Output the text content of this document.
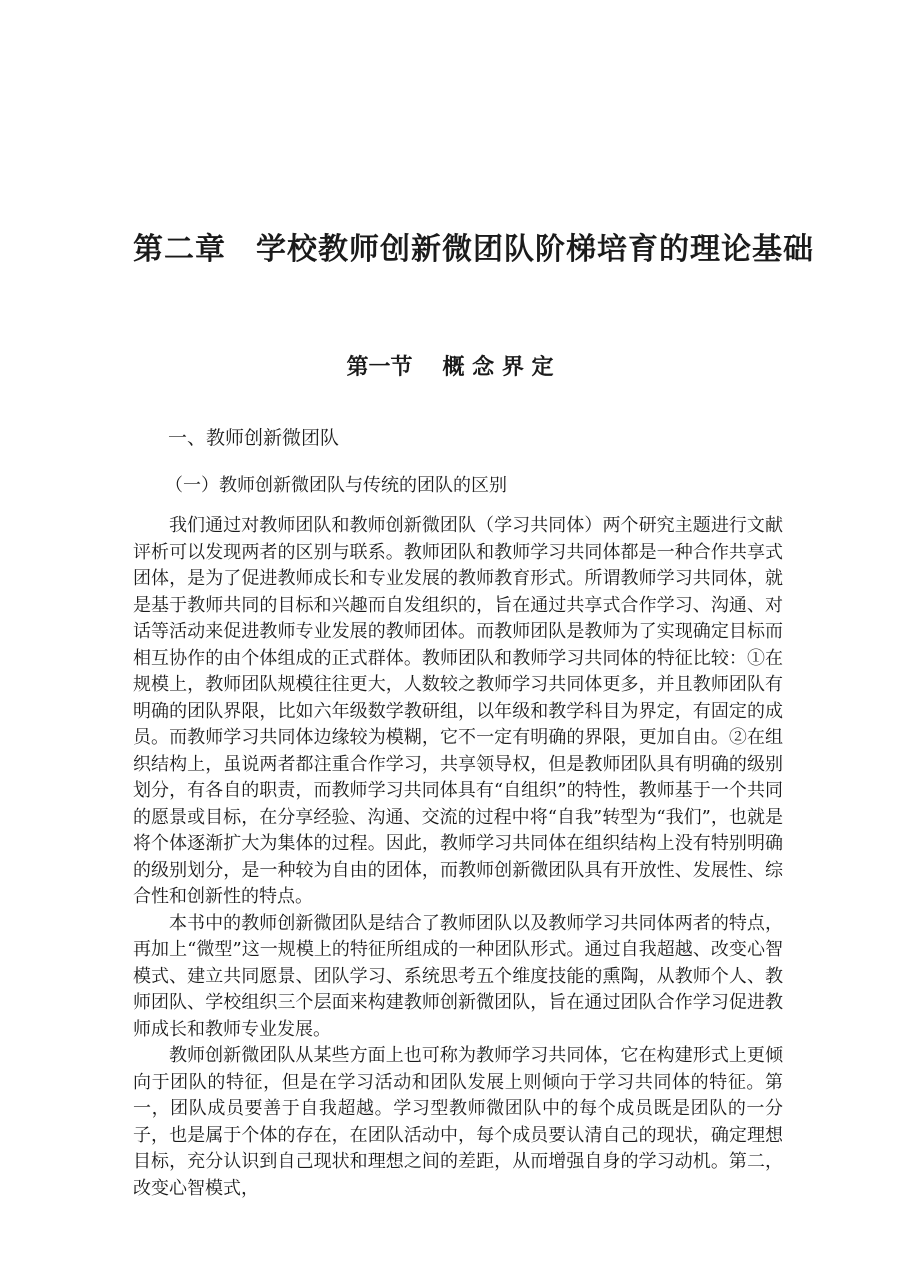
第二章 学校教师创新微团队阶梯培育的理论基础
第一节 概 念 界 定
一、教师创新微团队
（一）教师创新微团队与传统的团队的区别

我们通过对教师团队和教师创新微团队（学习共同体）两个研究主题进行文献评析可以发现两者的区别与联系。教师团队和教师学习共同体都是一种合作共享式团体，是为了促进教师成长和专业发展的教师教育形式。所谓教师学习共同体，就是基于教师共同的目标和兴趣而自发组织的，旨在通过共享式合作学习、沟通、对话等活动来促进教师专业发展的教师团体。而教师团队是教师为了实现确定目标而相互协作的由个体组成的正式群体。教师团队和教师学习共同体的特征比较：①在规模上，教师团队规模往往更大，人数较之教师学习共同体更多，并且教师团队有明确的团队界限，比如六年级数学教研组，以年级和教学科目为界定，有固定的成员。而教师学习共同体边缘较为模糊，它不一定有明确的界限，更加自由。②在组织结构上，虽说两者都注重合作学习，共享领导权，但是教师团队具有明确的级别划分，有各自的职责，而教师学习共同体具有“自组织”的特性，教师基于一个共同的愿景或目标，在分享经验、沟通、交流的过程中将“自我”转型为“我们”，也就是将个体逐渐扩大为集体的过程。因此，教师学习共同体在组织结构上没有特别明确的级别划分，是一种较为自由的团体，而教师创新微团队具有开放性、发展性、综合性和创新性的特点。

本书中的教师创新微团队是结合了教师团队以及教师学习共同体两者的特点，再加上“微型”这一规模上的特征所组成的一种团队形式。通过自我超越、改变心智模式、建立共同愿景、团队学习、系统思考五个维度技能的熏陶，从教师个人、教师团队、学校组织三个层面来构建教师创新微团队，旨在通过团队合作学习促进教师成长和教师专业发展。

教师创新微团队从某些方面上也可称为教师学习共同体，它在构建形式上更倾向于团队的特征，但是在学习活动和团队发展上则倾向于学习共同体的特征。第一，团队成员要善于自我超越。学习型教师微团队中的每个成员既是团队的一分子，也是属于个体的存在，在团队活动中，每个成员要认清自己的现状，确定理想目标，充分认识到自己现状和理想之间的差距，从而增强自身的学习动机。第二，改变心智模式，
